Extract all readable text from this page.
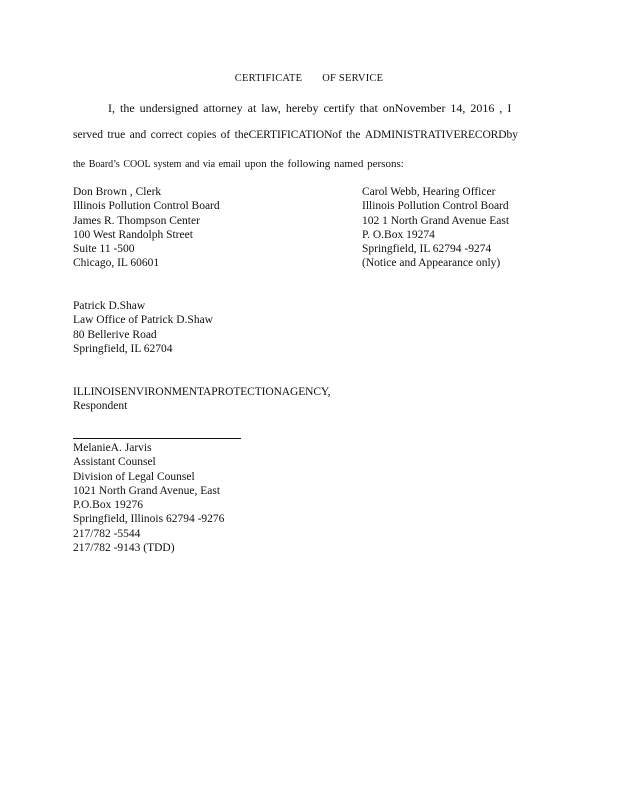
CERTIFICATE OF SERVICE
I, the undersigned attorney at law, hereby certify that onNovember 14, 2016 , I
served true and correct copies of theCERTIFICATIONof the ADMINISTRATIVERECORDby
the Board’s COOL system and via email upon the following named persons:
Don Brown , Clerk
Illinois Pollution Control Board
James R. Thompson Center
100 West Randolph Street
Suite 11 -500
Chicago, IL 60601
Carol Webb, Hearing Officer
Illinois Pollution Control Board
102 1 North Grand Avenue East
P. O.Box 19274
Springfield, IL 62794 -9274
(Notice and Appearance only)
Patrick D.Shaw
Law Office of Patrick D.Shaw
80 Bellerive Road
Springfield, IL 62704
ILLINOISENVIRONMENTAPROTECTIONAGENCY,
Respondent
MelanieA. Jarvis
Assistant Counsel
Division of Legal Counsel
1021 North Grand Avenue, East
P.O.Box 19276
Springfield, Illinois 62794 -9276
217/782 -5544
217/782 -9143 (TDD)
